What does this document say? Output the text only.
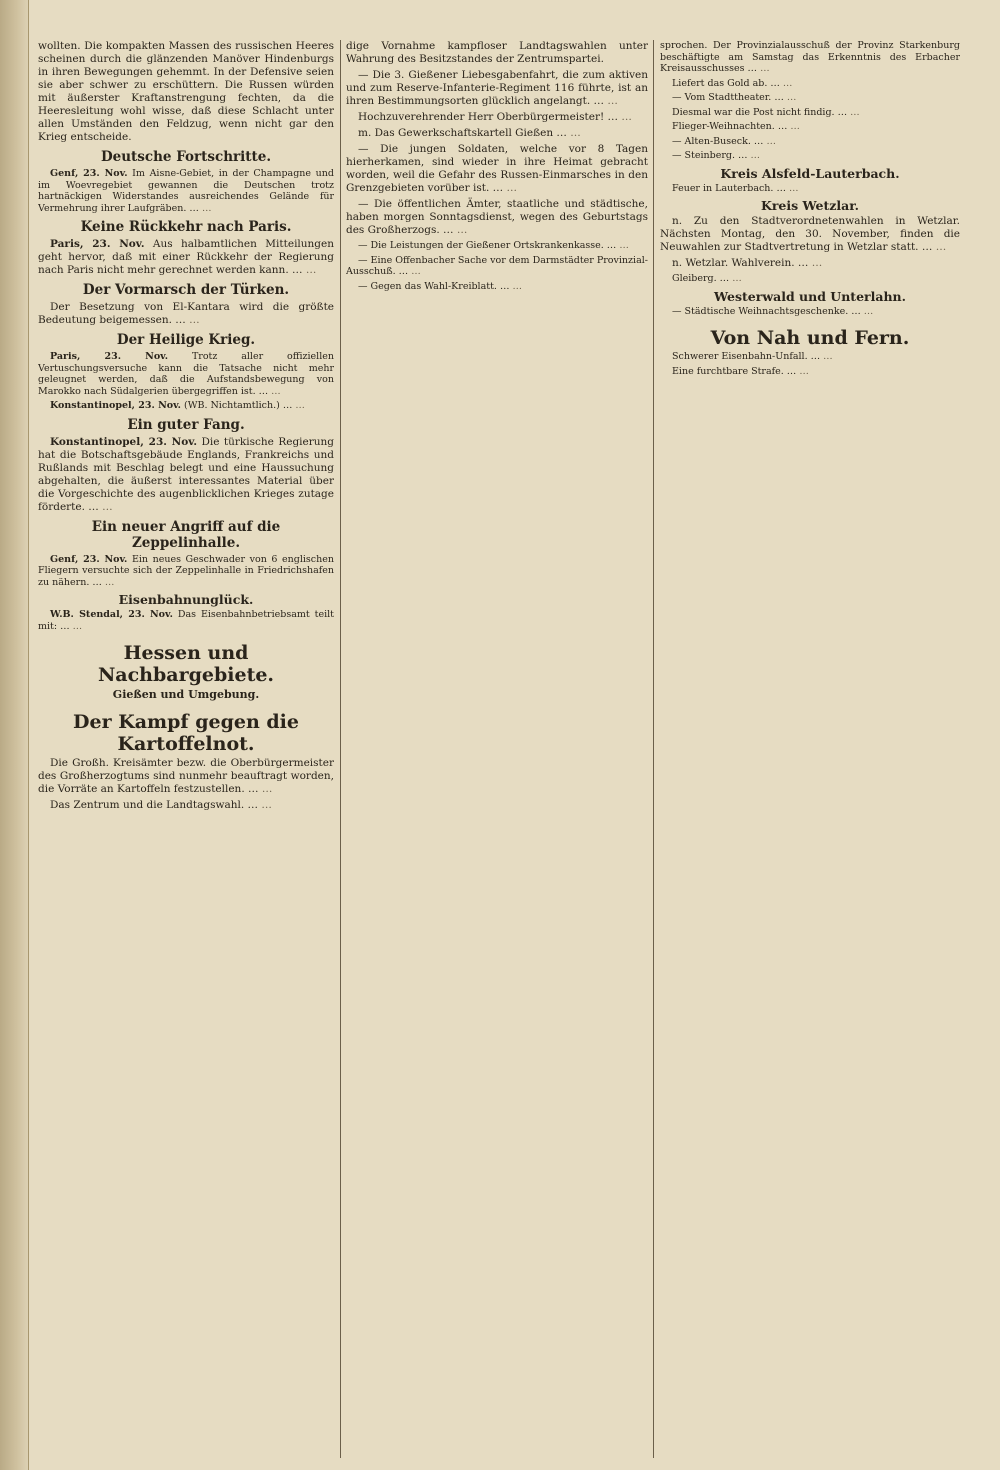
wollten. Die kompakten Massen des russischen Heeres scheinen durch die glänzenden Manöver Hindenburgs in ihren Bewegungen gehemmt. In der Defensive seien sie aber schwer zu erschüttern. Die Russen würden mit äußerster Kraftanstrengung fechten, da die Heeresleitung wohl wisse, daß diese Schlacht unter allen Umständen den Feldzug, wenn nicht gar den Krieg entscheide.

Deutsche Fortschritte.

Genf, 23. Nov. Im Aisne-Gebiet, in der Champagne und im Woevregebiet gewannen die Deutschen trotz hartnäckigen Widerstandes ausreichendes Gelände für Vermehrung ihrer Laufgräben. … …

Keine Rückkehr nach Paris.

Paris, 23. Nov. Aus halbamtlichen Mitteilungen geht hervor, daß mit einer Rückkehr der Regierung nach Paris nicht mehr gerechnet werden kann. … …

Der Vormarsch der Türken.

Der Besetzung von El-Kantara wird die größte Bedeutung beigemessen. … …

Der Heilige Krieg.

Paris, 23. Nov.	Trotz aller offiziellen Vertuschungsversuche kann die Tatsache nicht mehr geleugnet werden, daß die Aufstandsbewegung von Marokko nach Südalgerien übergegriffen ist. … …

Konstantinopel, 23. Nov. (WB. Nichtamtlich.) … …

Ein guter Fang.

Konstantinopel, 23. Nov. Die türkische Regierung hat die Botschaftsgebäude Englands, Frankreichs und Rußlands mit Beschlag belegt und eine Haussuchung abgehalten, die äußerst interessantes Material über die Vorgeschichte des augenblicklichen Krieges zutage förderte. … …

Ein neuer Angriff auf die Zeppelinhalle.

Genf, 23. Nov. Ein neues Geschwader von 6 englischen Fliegern versuchte sich der Zeppelinhalle in Friedrichshafen zu nähern. … …

Eisenbahnunglück.

W.B. Stendal, 23. Nov. Das Eisenbahnbetriebsamt teilt mit: … …

Hessen und Nachbargebiete.
Gießen und Umgebung.
Der Kampf gegen die Kartoffelnot.

Die Großh. Kreisämter bezw. die Oberbürgermeister des Großherzogtums sind nunmehr beauftragt worden, die Vorräte an Kartoffeln festzustellen. … …

Das Zentrum und die Landtagswahl. … …

dige Vornahme kampfloser Landtagswahlen unter Wahrung des Besitzstandes der Zentrumspartei.

— Die 3. Gießener Liebesgabenfahrt, die zum aktiven und zum Reserve-Infanterie-Regiment 116 führte, ist an ihren Bestimmungsorten glücklich angelangt. … …

Hochzuverehrender Herr Oberbürgermeister! … …

m. Das Gewerkschaftskartell Gießen … …

— Die jungen Soldaten, welche vor 8 Tagen hierherkamen, sind wieder in ihre Heimat gebracht worden, weil die Gefahr des Russen-Einmarsches in den Grenzgebieten vorüber ist. … …

— Die öffentlichen Ämter, staatliche und städtische, haben morgen Sonntagsdienst, wegen des Geburtstags des Großherzogs. … …

— Die Leistungen der Gießener Ortskrankenkasse. … …

— Eine Offenbacher Sache vor dem Darmstädter Provinzial-Ausschuß. … …

— Gegen das Wahl-Kreiblatt. … …

sprochen. Der Provinzialausschuß der Provinz Starkenburg beschäftigte am Samstag das Erkenntnis des Erbacher Kreisausschusses … …

Liefert das Gold ab. … …

— Vom Stadttheater. … …

Diesmal war die Post nicht findig. … …

Flieger-Weihnachten. … …

— Alten-Buseck. … …

— Steinberg. … …

Kreis Alsfeld-Lauterbach.

Feuer in Lauterbach. … …

Kreis Wetzlar.

n. Zu den Stadtverordnetenwahlen in Wetzlar. Nächsten Montag, den 30. November, finden die Neuwahlen zur Stadtvertretung in Wetzlar statt. … …

n. Wetzlar. Wahlverein. … …

Gleiberg. … …

Westerwald und Unterlahn.

— Städtische Weihnachtsgeschenke. … …

Von Nah und Fern.

Schwerer Eisenbahn-Unfall. … …

Eine furchtbare Strafe. … …
